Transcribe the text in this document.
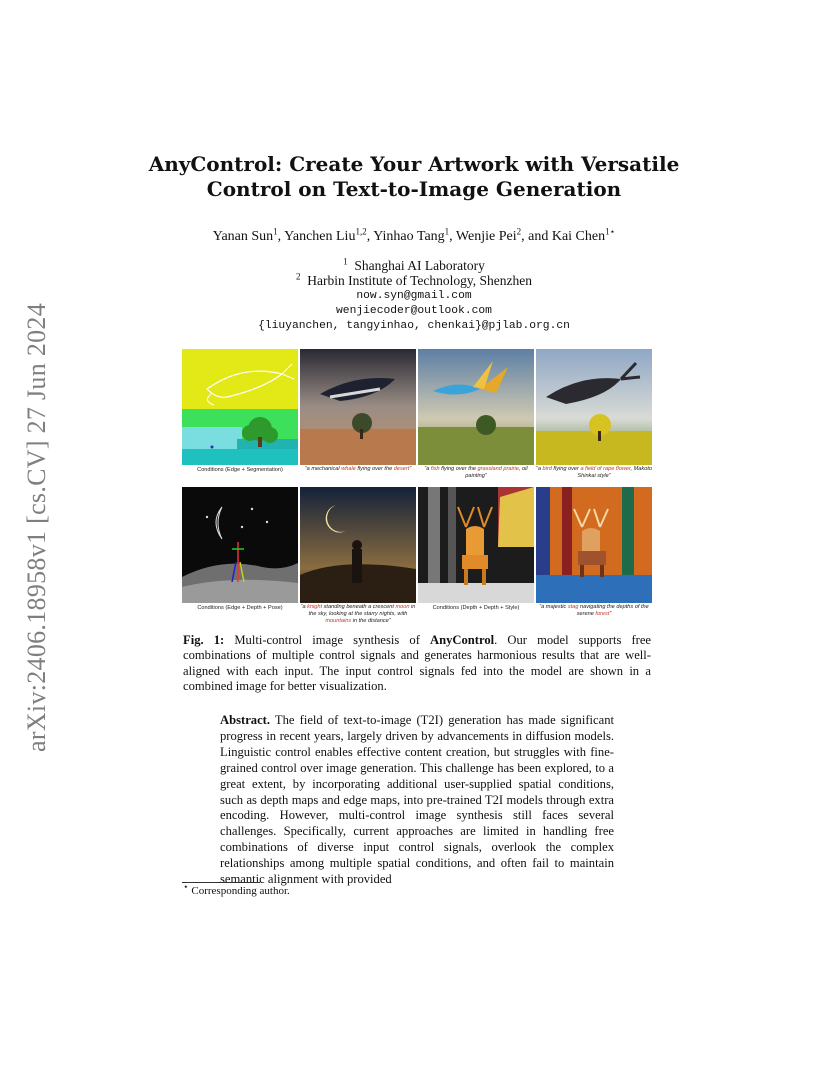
arXiv:2406.18958v1 [cs.CV] 27 Jun 2024
AnyControl: Create Your Artwork with Versatile
Control on Text-to-Image Generation
Yanan Sun$^1$, Yanchen Liu$^{1,2}$, Yinhao Tang$^1$, Wenjie Pei$^2$, and Kai Chen$^{1⋆}$
$^1$ Shanghai AI Laboratory
$^2$ Harbin Institute of Technology, Shenzhen
now.syn@gmail.com
wenjiecoder@outlook.com
{liuyanchen, tangyinhao, chenkai}@pjlab.org.cn
Conditions (Edge + Segmentation)	“a mechanical whale flying over the desert”	“a fish flying over the grassland prairie, oil painting”
“a bird flying over a field of rape flower, Makoto Shinkai style”
Conditions (Edge + Depth + Pose)	“a knight standing beneath a crescent moon in the sky, looking at the starry nights, with mountains in the distance”
Conditions (Depth + Depth + Style)	“a majestic stag navigating the depths of the serene forest”
Fig. 1: Multi-control image synthesis of AnyControl. Our model supports free combinations of multiple control signals and generates harmonious results that are well-aligned with each input. The input control signals fed into the model are shown in a combined image for better visualization.
Abstract. The field of text-to-image (T2I) generation has made significant progress in recent years, largely driven by advancements in diffusion models. Linguistic control enables effective content creation, but struggles with fine-grained control over image generation. This challenge has been explored, to a great extent, by incorporating additional user-supplied spatial conditions, such as depth maps and edge maps, into pre-trained T2I models through extra encoding. However, multi-control image synthesis still faces several challenges. Specifically, current approaches are limited in handling free combinations of diverse input control signals, overlook the complex relationships among multiple spatial conditions, and often fail to maintain semantic alignment with provided
⋆ Corresponding author.
